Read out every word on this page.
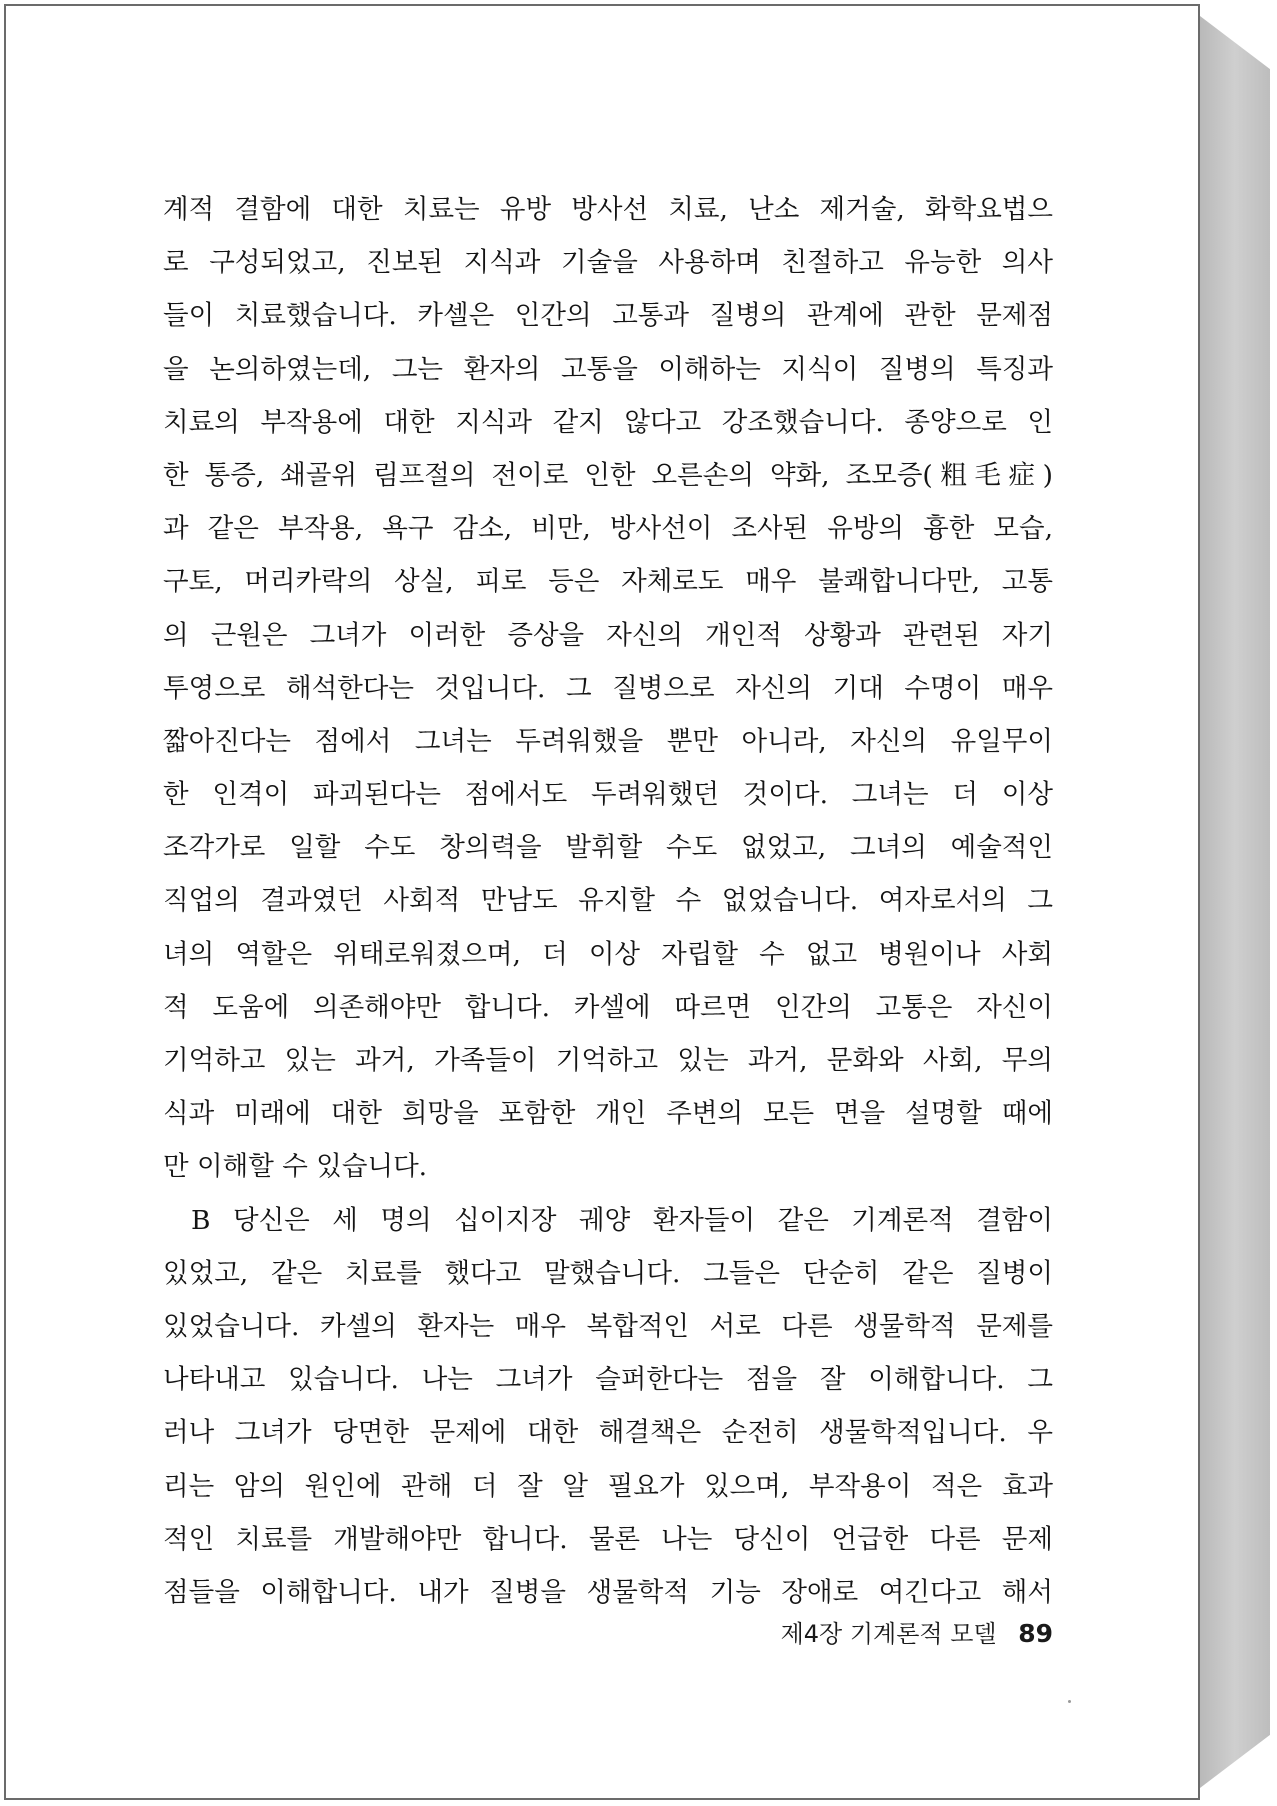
계적 결함에 대한 치료는 유방 방사선 치료, 난소 제거술, 화학요법으

로 구성되었고, 진보된 지식과 기술을 사용하며 친절하고 유능한 의사

들이 치료했습니다. 카셀은 인간의 고통과 질병의 관계에 관한 문제점

을 논의하였는데, 그는 환자의 고통을 이해하는 지식이 질병의 특징과

치료의 부작용에 대한 지식과 같지 않다고 강조했습니다. 종양으로 인

한 통증, 쇄골위 림프절의 전이로 인한 오른손의 약화, 조모증(粗毛症)

과 같은 부작용, 욕구 감소, 비만, 방사선이 조사된 유방의 흉한 모습,

구토, 머리카락의 상실, 피로 등은 자체로도 매우 불쾌합니다만, 고통

의 근원은 그녀가 이러한 증상을 자신의 개인적 상황과 관련된 자기

투영으로 해석한다는 것입니다. 그 질병으로 자신의 기대 수명이 매우

짧아진다는 점에서 그녀는 두려워했을 뿐만 아니라, 자신의 유일무이

한 인격이 파괴된다는 점에서도 두려워했던 것이다. 그녀는 더 이상

조각가로 일할 수도 창의력을 발휘할 수도 없었고, 그녀의 예술적인

직업의 결과였던 사회적 만남도 유지할 수 없었습니다. 여자로서의 그

녀의 역할은 위태로워졌으며, 더 이상 자립할 수 없고 병원이나 사회

적 도움에 의존해야만 합니다. 카셀에 따르면 인간의 고통은 자신이

기억하고 있는 과거, 가족들이 기억하고 있는 과거, 문화와 사회, 무의

식과 미래에 대한 희망을 포함한 개인 주변의 모든 면을 설명할 때에

만 이해할 수 있습니다.

B 당신은 세 명의 십이지장 궤양 환자들이 같은 기계론적 결함이

있었고, 같은 치료를 했다고 말했습니다. 그들은 단순히 같은 질병이

있었습니다. 카셀의 환자는 매우 복합적인 서로 다른 생물학적 문제를

나타내고 있습니다. 나는 그녀가 슬퍼한다는 점을 잘 이해합니다. 그

러나 그녀가 당면한 문제에 대한 해결책은 순전히 생물학적입니다. 우

리는 암의 원인에 관해 더 잘 알 필요가 있으며, 부작용이 적은 효과

적인 치료를 개발해야만 합니다. 물론 나는 당신이 언급한 다른 문제

점들을 이해합니다. 내가 질병을 생물학적 기능 장애로 여긴다고 해서

제4장 기계론적 모델 89
